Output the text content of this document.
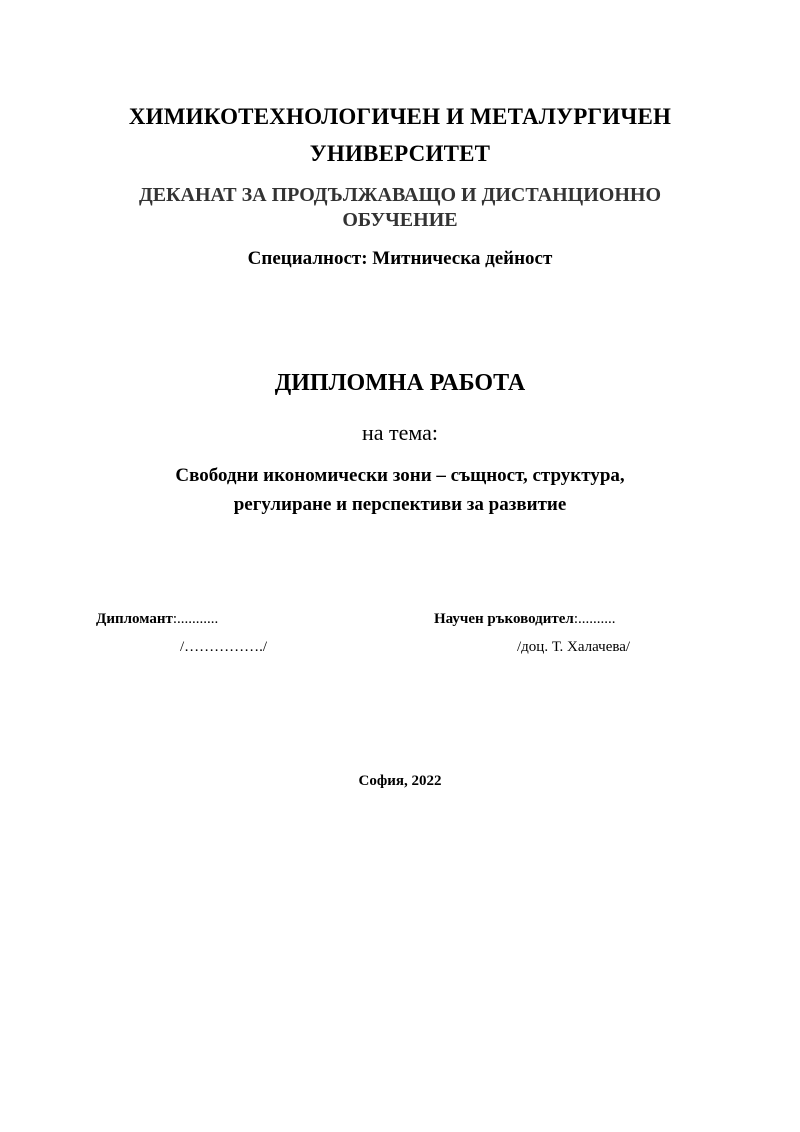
ХИМИКОТЕХНОЛОГИЧЕН И МЕТАЛУРГИЧЕН
УНИВЕРСИТЕТ
ДЕКАНАТ ЗА ПРОДЪЛЖАВАЩО И ДИСТАНЦИОННО
ОБУЧЕНИЕ
Специалност: Митническа дейност
ДИПЛОМНА РАБОТА
на тема:
Свободни икономически зони – същност, структура,
регулиране и перспективи за развитие
Дипломант:...........
/……………./
Научен ръководител:..........
/доц. Т. Халачева/
София, 2022
